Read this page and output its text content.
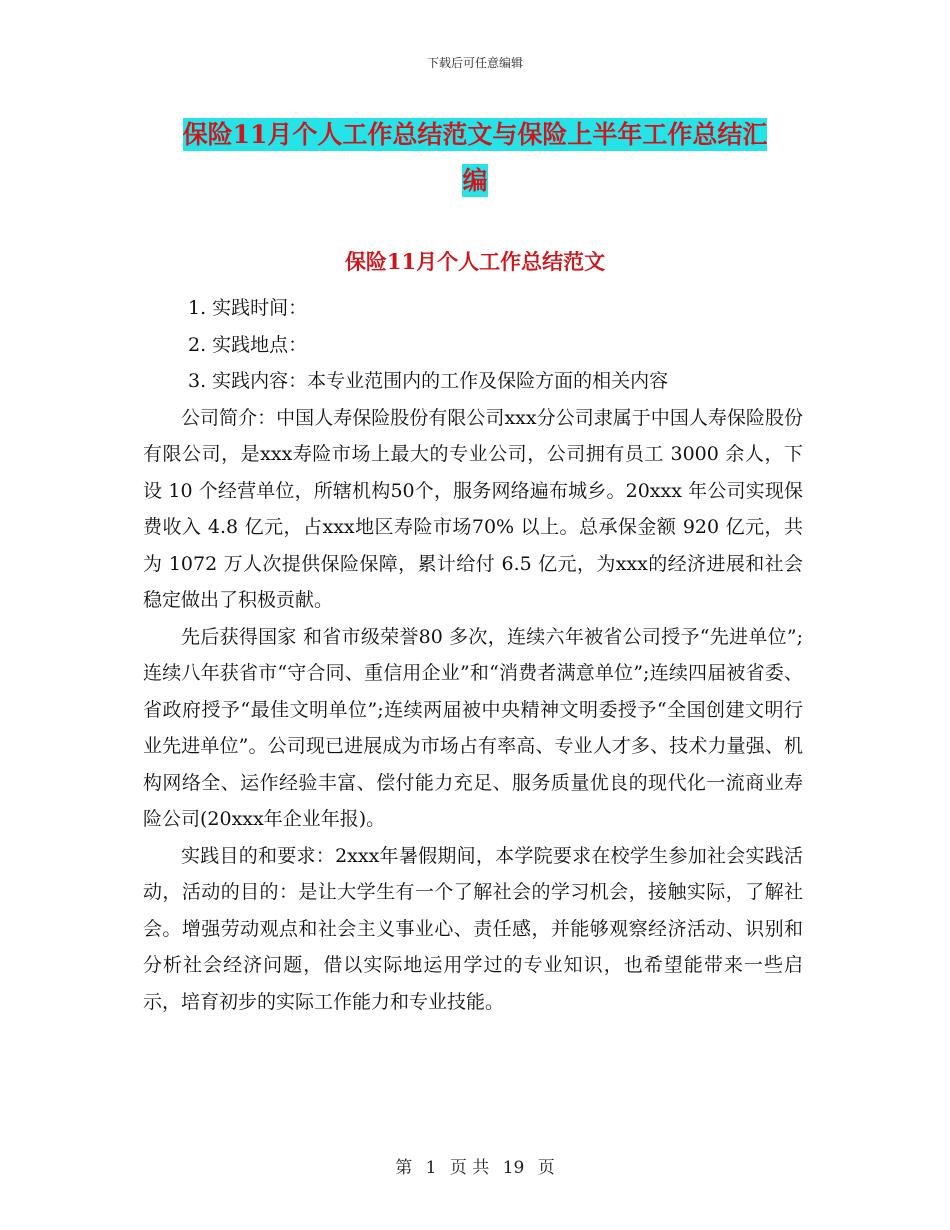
下载后可任意编辑
保险11月个人工作总结范文与保险上半年工作总结汇
编
保险11月个人工作总结范文

1. 实践时间：

2. 实践地点：

3. 实践内容：本专业范围内的工作及保险方面的相关内容

公司简介：中国人寿保险股份有限公司xxx分公司隶属于中国人寿保险股份有限公司，是xxx寿险市场上最大的专业公司，公司拥有员工 3000 余人，下设 10 个经营单位，所辖机构50个，服务网络遍布城乡。20xxx 年公司实现保费收入 4.8 亿元，占xxx地区寿险市场70% 以上。总承保金额 920 亿元，共为 1072 万人次提供保险保障，累计给付 6.5 亿元，为xxx的经济进展和社会稳定做出了积极贡献。

先后获得国家 和省市级荣誉80 多次，连续六年被省公司授予“先进单位”;连续八年获省市“守合同、重信用企业”和“消费者满意单位”;连续四届被省委、省政府授予“最佳文明单位”;连续两届被中央精神文明委授予“全国创建文明行业先进单位”。公司现已进展成为市场占有率高、专业人才多、技术力量强、机构网络全、运作经验丰富、偿付能力充足、服务质量优良的现代化一流商业寿险公司(20xxx年企业年报)。

实践目的和要求：2xxx年暑假期间，本学院要求在校学生参加社会实践活动，活动的目的：是让大学生有一个了解社会的学习机会，接触实际，了解社会。增强劳动观点和社会主义事业心、责任感，并能够观察经济活动、识别和分析社会经济问题，借以实际地运用学过的专业知识，也希望能带来一些启示，培育初步的实际工作能力和专业技能。

第 1 页 共 19 页
